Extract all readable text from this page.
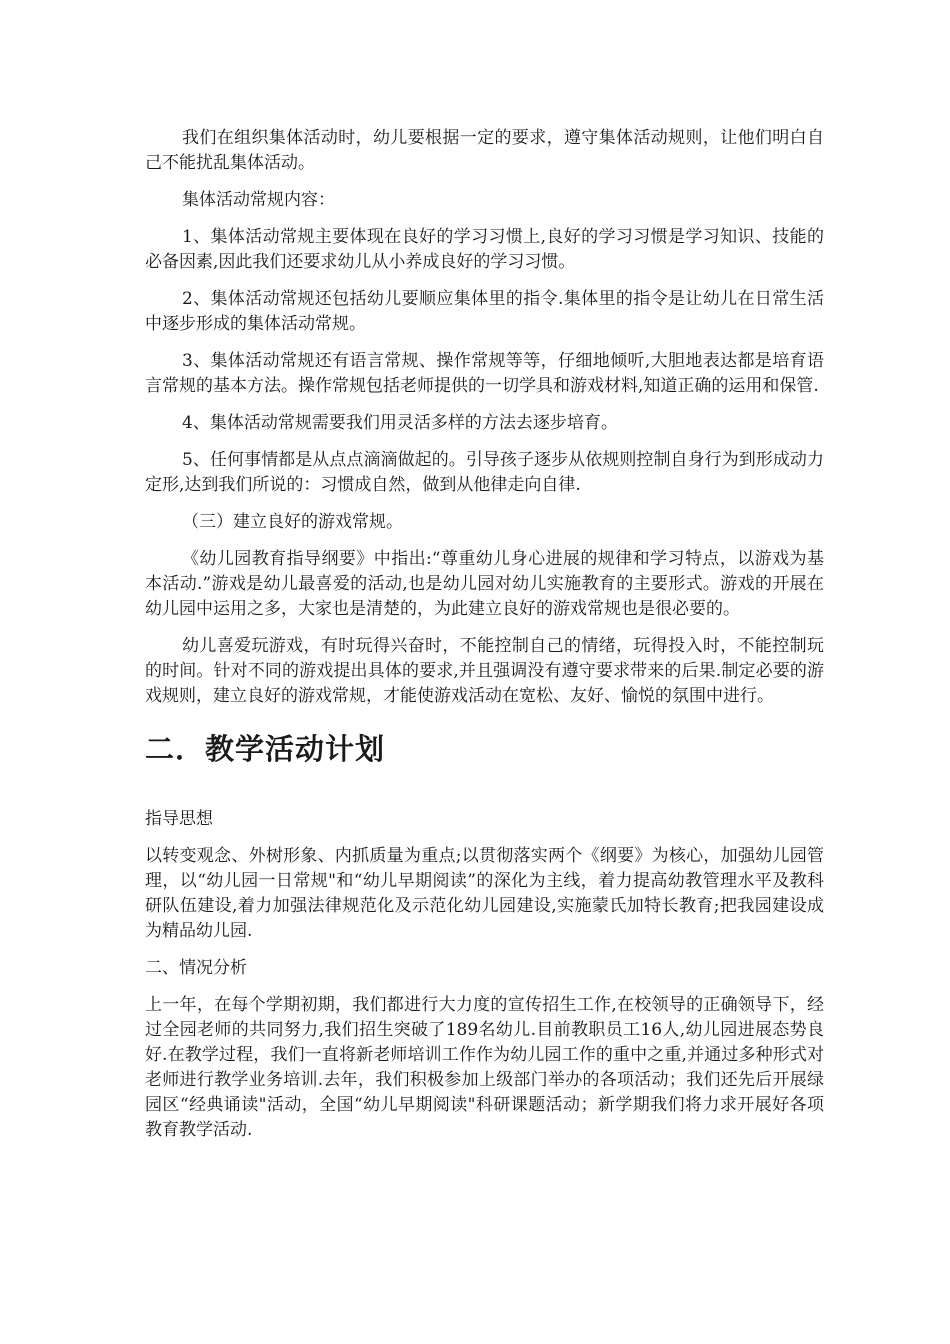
我们在组织集体活动时，幼儿要根据一定的要求，遵守集体活动规则，让他们明白自己不能扰乱集体活动。

集体活动常规内容：

1、集体活动常规主要体现在良好的学习习惯上,良好的学习习惯是学习知识、技能的必备因素,因此我们还要求幼儿从小养成良好的学习习惯。

2、集体活动常规还包括幼儿要顺应集体里的指令.集体里的指令是让幼儿在日常生活中逐步形成的集体活动常规。

3、集体活动常规还有语言常规、操作常规等等，仔细地倾听,大胆地表达都是培育语言常规的基本方法。操作常规包括老师提供的一切学具和游戏材料,知道正确的运用和保管.

4、集体活动常规需要我们用灵活多样的方法去逐步培育。

5、任何事情都是从点点滴滴做起的。引导孩子逐步从依规则控制自身行为到形成动力定形,达到我们所说的：习惯成自然，做到从他律走向自律.

（三）建立良好的游戏常规。

《幼儿园教育指导纲要》中指出:“尊重幼儿身心进展的规律和学习特点，以游戏为基本活动.”游戏是幼儿最喜爱的活动,也是幼儿园对幼儿实施教育的主要形式。游戏的开展在幼儿园中运用之多，大家也是清楚的，为此建立良好的游戏常规也是很必要的。

幼儿喜爱玩游戏，有时玩得兴奋时，不能控制自己的情绪，玩得投入时，不能控制玩的时间。针对不同的游戏提出具体的要求,并且强调没有遵守要求带来的后果.制定必要的游戏规则，建立良好的游戏常规，才能使游戏活动在宽松、友好、愉悦的氛围中进行。

二．教学活动计划
指导思想

以转变观念、外树形象、内抓质量为重点;以贯彻落实两个《纲要》为核心，加强幼儿园管理，以“幼儿园一日常规"和“幼儿早期阅读”的深化为主线，着力提高幼教管理水平及教科研队伍建设,着力加强法律规范化及示范化幼儿园建设,实施蒙氏加特长教育;把我园建设成为精品幼儿园.

二、情况分析

上一年，在每个学期初期，我们都进行大力度的宣传招生工作,在校领导的正确领导下，经过全园老师的共同努力,我们招生突破了189名幼儿.目前教职员工16人,幼儿园进展态势良好.在教学过程，我们一直将新老师培训工作作为幼儿园工作的重中之重,并通过多种形式对老师进行教学业务培训.去年，我们积极参加上级部门举办的各项活动；我们还先后开展绿园区“经典诵读"活动，全国“幼儿早期阅读"科研课题活动；新学期我们将力求开展好各项教育教学活动.
